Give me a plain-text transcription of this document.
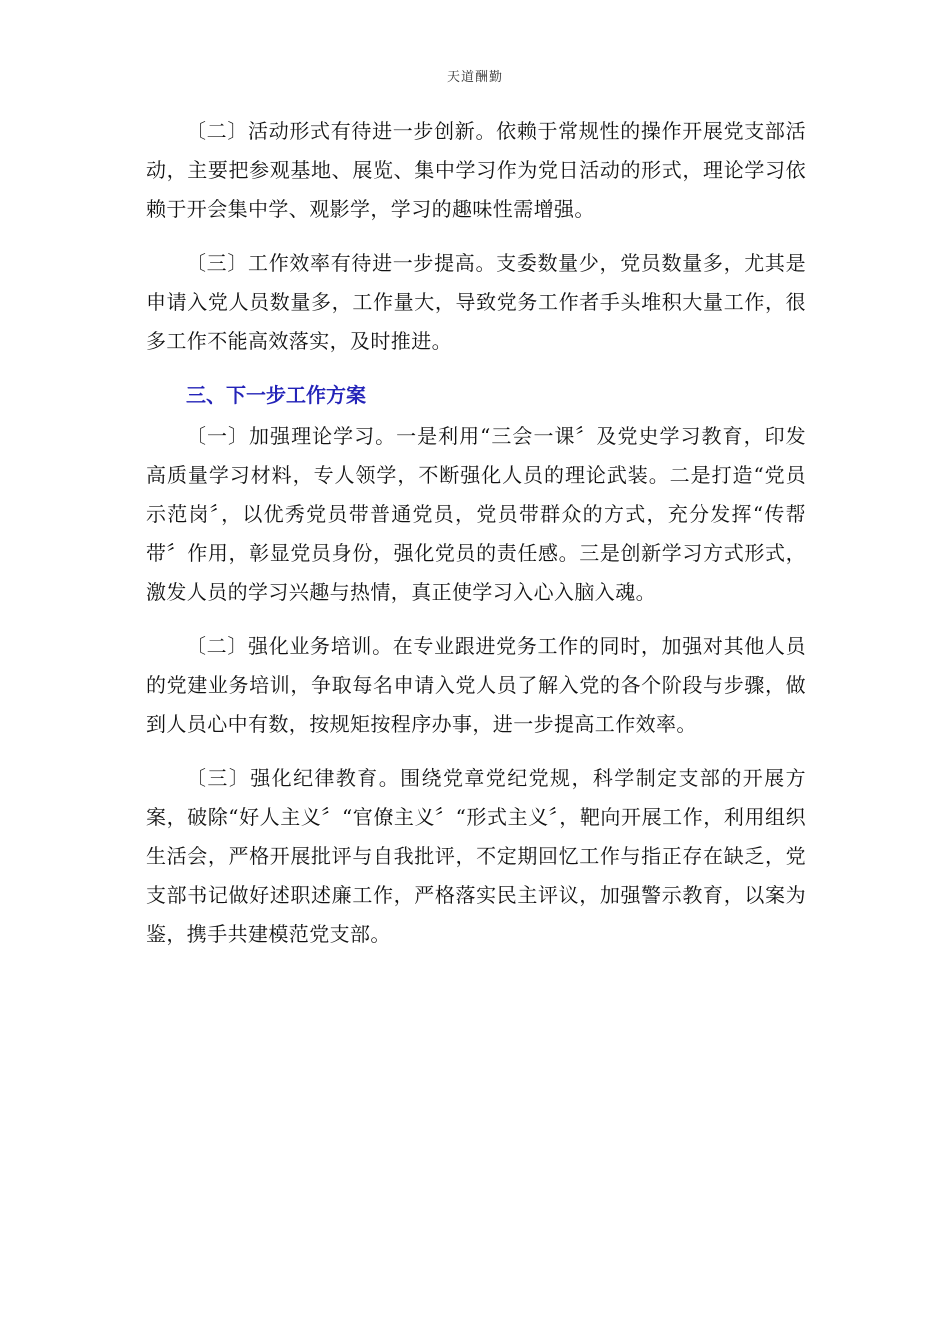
天道酬勤

〔二〕活动形式有待进一步创新。依赖于常规性的操作开展党支部活动，主要把参观基地、展览、集中学习作为党日活动的形式，理论学习依赖于开会集中学、观影学，学习的趣味性需增强。

〔三〕工作效率有待进一步提高。支委数量少，党员数量多，尤其是申请入党人员数量多，工作量大，导致党务工作者手头堆积大量工作，很多工作不能高效落实，及时推进。

三、下一步工作方案

〔一〕加强理论学习。一是利用“三会一课〞及党史学习教育，印发高质量学习材料，专人领学，不断强化人员的理论武装。二是打造“党员示范岗〞，以优秀党员带普通党员，党员带群众的方式，充分发挥“传帮带〞作用，彰显党员身份，强化党员的责任感。三是创新学习方式形式，激发人员的学习兴趣与热情，真正使学习入心入脑入魂。

〔二〕强化业务培训。在专业跟进党务工作的同时，加强对其他人员的党建业务培训，争取每名申请入党人员了解入党的各个阶段与步骤，做到人员心中有数，按规矩按程序办事，进一步提高工作效率。

〔三〕强化纪律教育。围绕党章党纪党规，科学制定支部的开展方案，破除“好人主义〞“官僚主义〞“形式主义〞，靶向开展工作，利用组织生活会，严格开展批评与自我批评，不定期回忆工作与指正存在缺乏，党支部书记做好述职述廉工作，严格落实民主评议，加强警示教育，以案为鉴，携手共建模范党支部。
